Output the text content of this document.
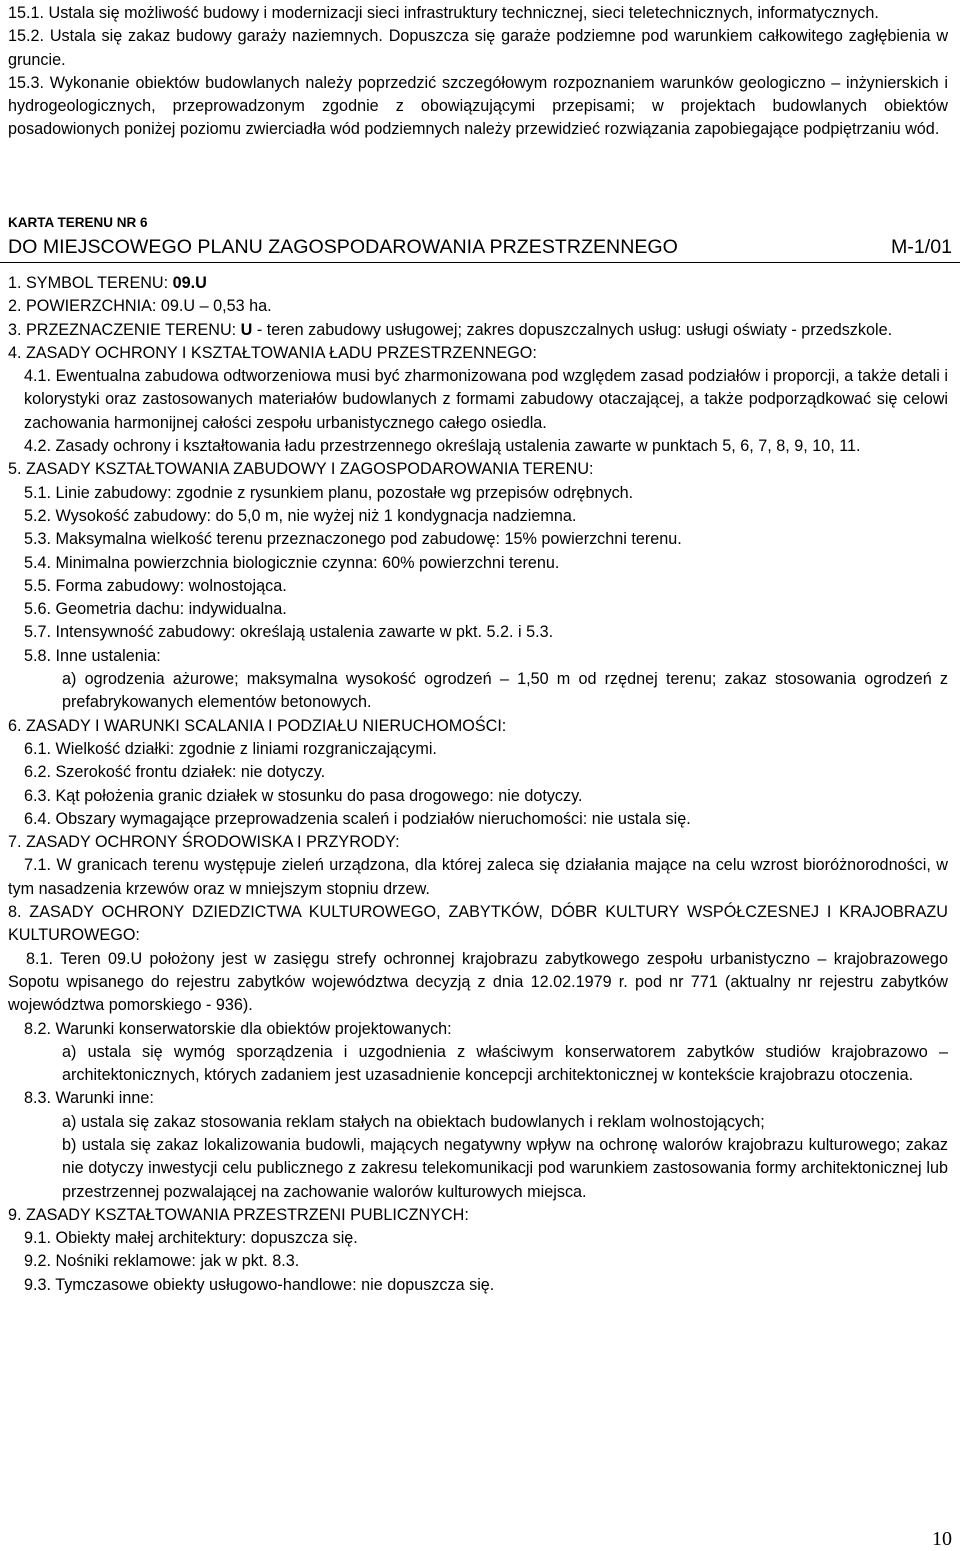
15.1. Ustala się możliwość budowy i modernizacji sieci infrastruktury technicznej, sieci teletechnicznych, informatycznych.

15.2. Ustala się zakaz budowy garaży naziemnych. Dopuszcza się garaże podziemne pod warunkiem całkowitego zagłębienia w gruncie.

15.3. Wykonanie obiektów budowlanych należy poprzedzić szczegółowym rozpoznaniem warunków geologiczno – inżynierskich i hydrogeologicznych, przeprowadzonym zgodnie z obowiązującymi przepisami; w projektach budowlanych obiektów posadowionych poniżej poziomu zwierciadła wód podziemnych należy przewidzieć rozwiązania zapobiegające podpiętrzaniu wód.

KARTA TERENU NR 6
DO MIEJSCOWEGO PLANU ZAGOSPODAROWANIA PRZESTRZENNEGO	M-1/01

1. SYMBOL TERENU: 09.U

2. POWIERZCHNIA: 09.U – 0,53 ha.

3. PRZEZNACZENIE TERENU: U - teren zabudowy usługowej; zakres dopuszczalnych usług: usługi oświaty - przedszkole.

4. ZASADY OCHRONY I KSZTAŁTOWANIA ŁADU PRZESTRZENNEGO:

4.1. Ewentualna zabudowa odtworzeniowa musi być zharmonizowana pod względem zasad podziałów i proporcji, a także detali i kolorystyki oraz zastosowanych materiałów budowlanych z formami zabudowy otaczającej, a także podporządkować się celowi zachowania harmonijnej całości zespołu urbanistycznego całego osiedla.

4.2. Zasady ochrony i kształtowania ładu przestrzennego określają ustalenia zawarte w punktach 5, 6, 7, 8, 9, 10, 11.

5. ZASADY KSZTAŁTOWANIA ZABUDOWY I ZAGOSPODAROWANIA TERENU:

5.1. Linie zabudowy: zgodnie z rysunkiem planu, pozostałe wg przepisów odrębnych.

5.2. Wysokość zabudowy: do 5,0 m, nie wyżej niż 1 kondygnacja nadziemna.

5.3. Maksymalna wielkość terenu przeznaczonego pod zabudowę: 15% powierzchni terenu.

5.4. Minimalna powierzchnia biologicznie czynna: 60% powierzchni terenu.

5.5. Forma zabudowy: wolnostojąca.

5.6. Geometria dachu: indywidualna.

5.7. Intensywność zabudowy: określają ustalenia zawarte w pkt. 5.2. i 5.3.

5.8. Inne ustalenia:

a) ogrodzenia ażurowe; maksymalna wysokość ogrodzeń – 1,50 m od rzędnej terenu; zakaz stosowania ogrodzeń z prefabrykowanych elementów betonowych.

6. ZASADY I WARUNKI SCALANIA I PODZIAŁU NIERUCHOMOŚCI:

6.1. Wielkość działki: zgodnie z liniami rozgraniczającymi.

6.2. Szerokość frontu działek: nie dotyczy.

6.3. Kąt położenia granic działek w stosunku do pasa drogowego: nie dotyczy.

6.4. Obszary wymagające przeprowadzenia scaleń i podziałów nieruchomości: nie ustala się.

7. ZASADY OCHRONY ŚRODOWISKA I PRZYRODY:

7.1. W granicach terenu występuje zieleń urządzona, dla której zaleca się działania mające na celu wzrost bioróżnorodności, w tym nasadzenia krzewów oraz w mniejszym stopniu drzew.

8. ZASADY OCHRONY DZIEDZICTWA KULTUROWEGO, ZABYTKÓW, DÓBR KULTURY WSPÓŁCZESNEJ I KRAJOBRAZU KULTUROWEGO:

8.1. Teren 09.U położony jest w zasięgu strefy ochronnej krajobrazu zabytkowego zespołu urbanistyczno – krajobrazowego Sopotu wpisanego do rejestru zabytków województwa decyzją z dnia 12.02.1979 r. pod nr 771 (aktualny nr rejestru zabytków województwa pomorskiego - 936).

8.2. Warunki konserwatorskie dla obiektów projektowanych:

a) ustala się wymóg sporządzenia i uzgodnienia z właściwym konserwatorem zabytków studiów krajobrazowo – architektonicznych, których zadaniem jest uzasadnienie koncepcji architektonicznej w kontekście krajobrazu otoczenia.

8.3. Warunki inne:

a) ustala się zakaz stosowania reklam stałych na obiektach budowlanych i reklam wolnostojących;

b) ustala się zakaz lokalizowania budowli, mających negatywny wpływ na ochronę walorów krajobrazu kulturowego; zakaz nie dotyczy inwestycji celu publicznego z zakresu telekomunikacji pod warunkiem zastosowania formy architektonicznej lub przestrzennej pozwalającej na zachowanie walorów kulturowych miejsca.

9. ZASADY KSZTAŁTOWANIA PRZESTRZENI PUBLICZNYCH:

9.1. Obiekty małej architektury: dopuszcza się.

9.2. Nośniki reklamowe: jak w pkt. 8.3.

9.3. Tymczasowe obiekty usługowo-handlowe: nie dopuszcza się.

10
